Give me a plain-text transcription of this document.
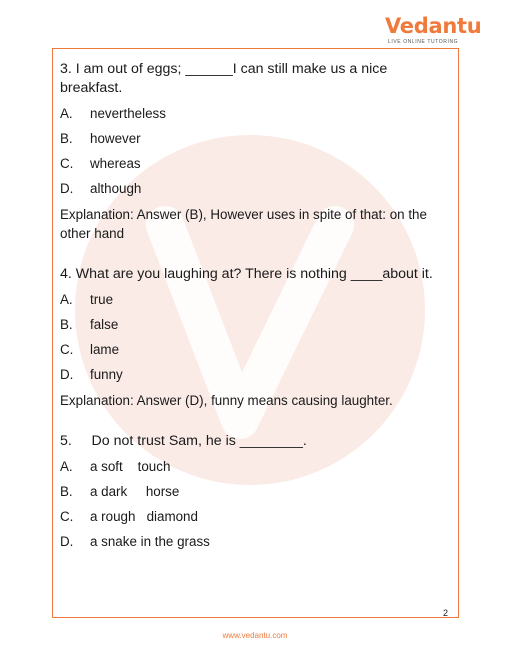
Vedantu
LIVE ONLINE TUTORING

3. I am out of eggs; ______I can still make us a nice breakfast.

A.	nevertheless
B.	however
C.	whereas
D.	although
Explanation: Answer (B), However uses in spite of that: on the other hand

4. What are you laughing at? There is nothing ____about it.

A.	true
B.	false
C.	lame
D.	funny
Explanation: Answer (D), funny means causing laughter.

5.     Do not trust Sam, he is ________.

A.	a soft    touch
B.	a dark     horse
C.	a rough   diamond
D.	a snake in the grass
2
www.vedantu.com
